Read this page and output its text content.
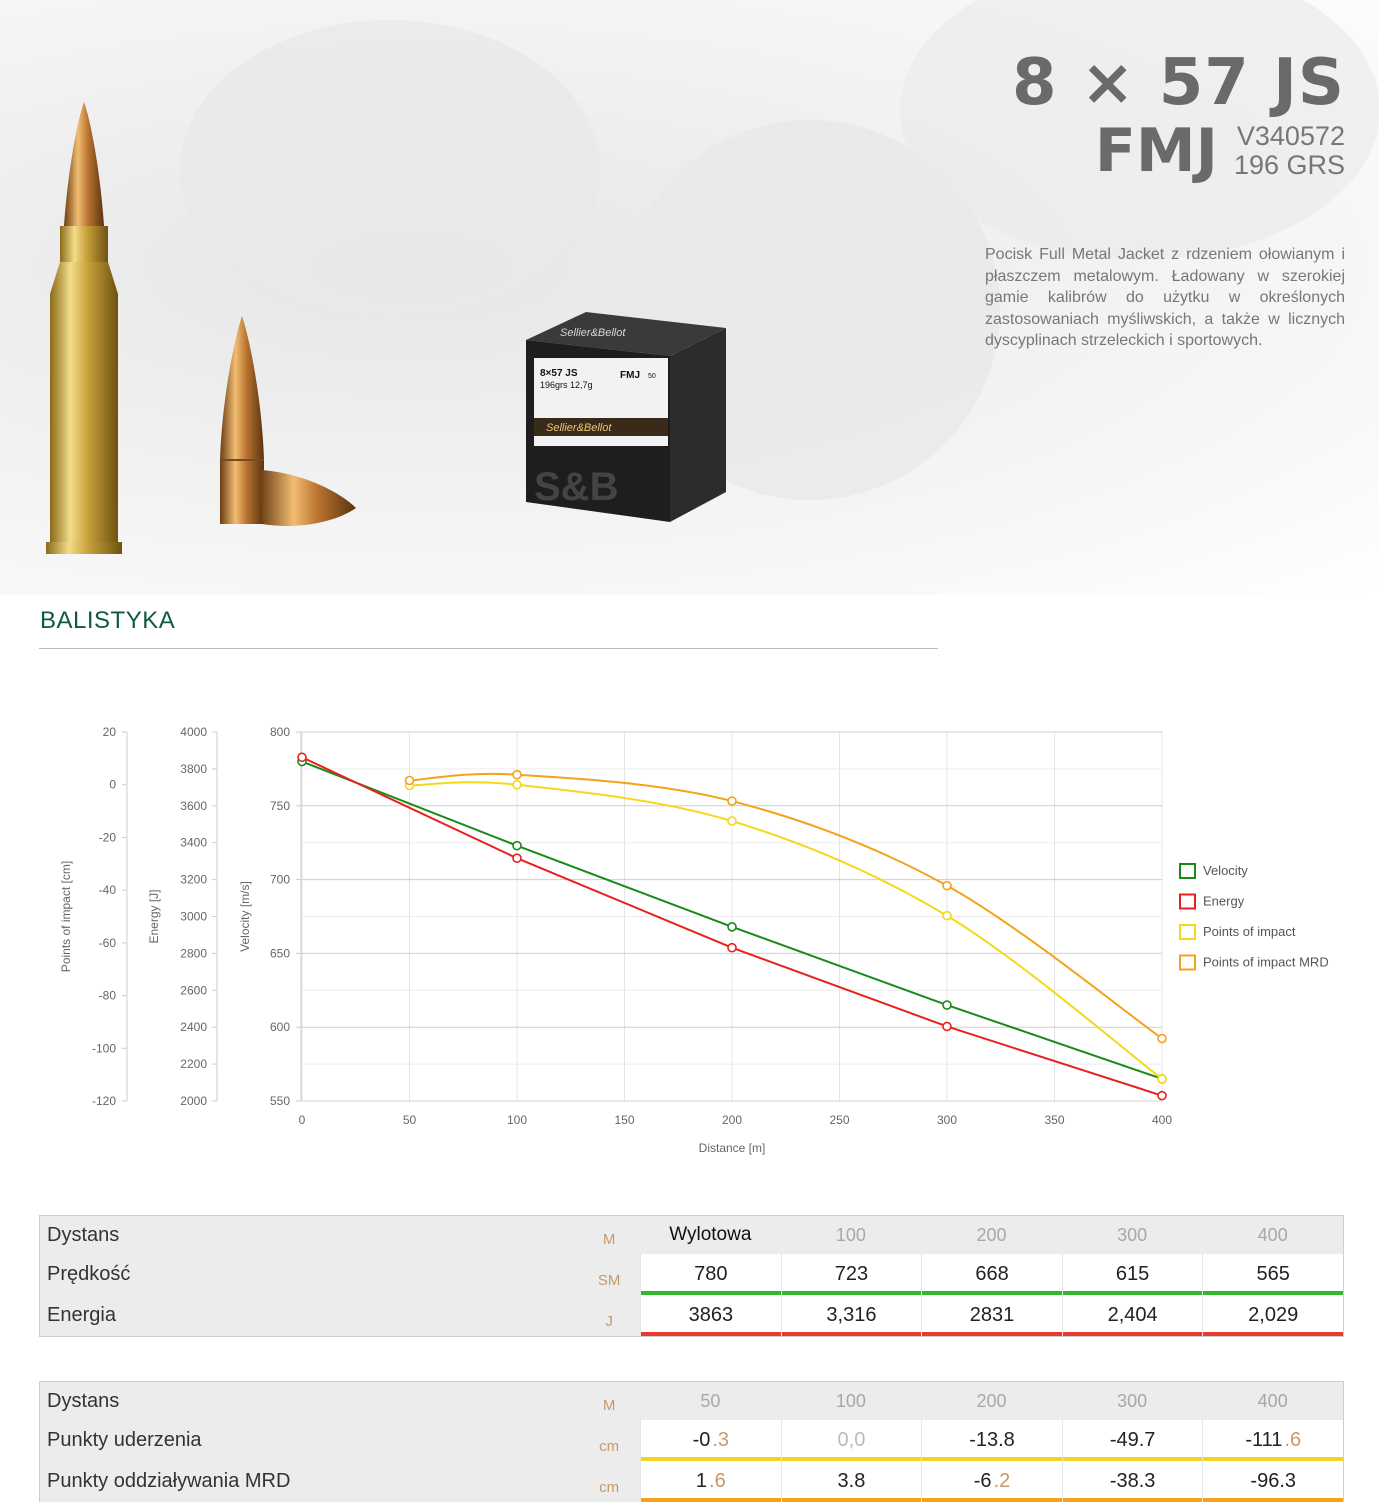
Sellier&Bellot
8×57 JS
196grs 12,7g
FMJ 50
Sellier&Bellot
S&B
8 × 57 JS
FMJ V340572
196 GRS
Pocisk Full Metal Jacket z rdzeniem ołowianym i płaszczem metalowym. Ładowany w szerokiej gamie kalibrów do użytku w określonych zastosowaniach myśliwskich, a także w licznych dyscyplinach strzeleckich i sportowych.
BALISTYKA
20
0
-20
-40
-60
-80
-100
-120
Points of impact [cm]
4000
3800
3600
3400
3200
3000
2800
2600
2400
2200
2000
Energy [J]
800
750
700
650
600
550
Velocity [m/s]
0	50	100	150	200	250	300	350	400
Distance [m]
Velocity
Energy
Points of impact
Points of impact MRD
Dystans	M	Wylotowa	100	200	300	400
Prędkość	SM	780	723	668	615	565
Energia	J	3863	3,316	2831	2,404	2,029
Dystans	M	50	100	200	300	400
Punkty uderzenia	cm	-0 .3	0,0	-13.8	-49.7	-111 .6
Punkty oddziaływania MRD	cm	1 .6	3.8	-6 .2	-38.3	-96.3
